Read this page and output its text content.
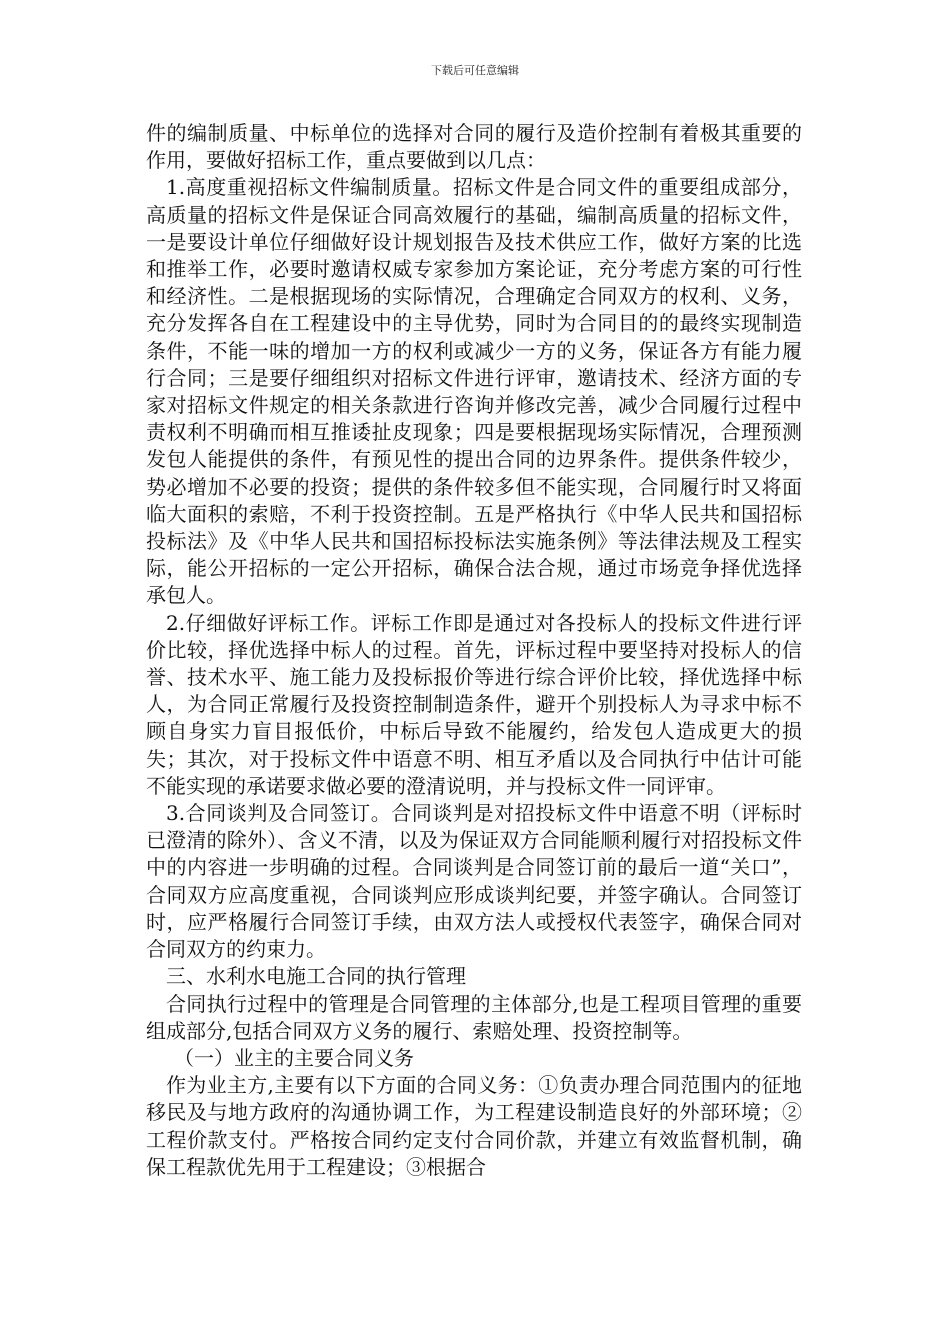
下载后可任意编辑

件的编制质量、中标单位的选择对合同的履行及造价控制有着极其重要的作用，要做好招标工作，重点要做到以几点：

1.高度重视招标文件编制质量。招标文件是合同文件的重要组成部分，高质量的招标文件是保证合同高效履行的基础，编制高质量的招标文件，一是要设计单位仔细做好设计规划报告及技术供应工作，做好方案的比选和推举工作，必要时邀请权威专家参加方案论证，充分考虑方案的可行性和经济性。二是根据现场的实际情况，合理确定合同双方的权利、义务，充分发挥各自在工程建设中的主导优势，同时为合同目的的最终实现制造条件，不能一味的增加一方的权利或减少一方的义务，保证各方有能力履行合同；三是要仔细组织对招标文件进行评审，邀请技术、经济方面的专家对招标文件规定的相关条款进行咨询并修改完善，减少合同履行过程中责权利不明确而相互推诿扯皮现象；四是要根据现场实际情况，合理预测发包人能提供的条件，有预见性的提出合同的边界条件。提供条件较少，势必增加不必要的投资；提供的条件较多但不能实现，合同履行时又将面临大面积的索赔，不利于投资控制。五是严格执行《中华人民共和国招标投标法》及《中华人民共和国招标投标法实施条例》等法律法规及工程实际，能公开招标的一定公开招标，确保合法合规，通过市场竞争择优选择承包人。

2.仔细做好评标工作。评标工作即是通过对各投标人的投标文件进行评价比较，择优选择中标人的过程。首先，评标过程中要坚持对投标人的信誉、技术水平、施工能力及投标报价等进行综合评价比较，择优选择中标人，为合同正常履行及投资控制制造条件，避开个别投标人为寻求中标不顾自身实力盲目报低价，中标后导致不能履约，给发包人造成更大的损失；其次，对于投标文件中语意不明、相互矛盾以及合同执行中估计可能不能实现的承诺要求做必要的澄清说明，并与投标文件一同评审。

3.合同谈判及合同签订。合同谈判是对招投标文件中语意不明（评标时已澄清的除外）、含义不清，以及为保证双方合同能顺利履行对招投标文件中的内容进一步明确的过程。合同谈判是合同签订前的最后一道“关口”，合同双方应高度重视，合同谈判应形成谈判纪要，并签字确认。合同签订时，应严格履行合同签订手续，由双方法人或授权代表签字，确保合同对合同双方的约束力。

三、水利水电施工合同的执行管理

合同执行过程中的管理是合同管理的主体部分,也是工程项目管理的重要组成部分,包括合同双方义务的履行、索赔处理、投资控制等。

（一）业主的主要合同义务

作为业主方,主要有以下方面的合同义务：①负责办理合同范围内的征地移民及与地方政府的沟通协调工作，为工程建设制造良好的外部环境；②工程价款支付。严格按合同约定支付合同价款，并建立有效监督机制，确保工程款优先用于工程建设；③根据合
